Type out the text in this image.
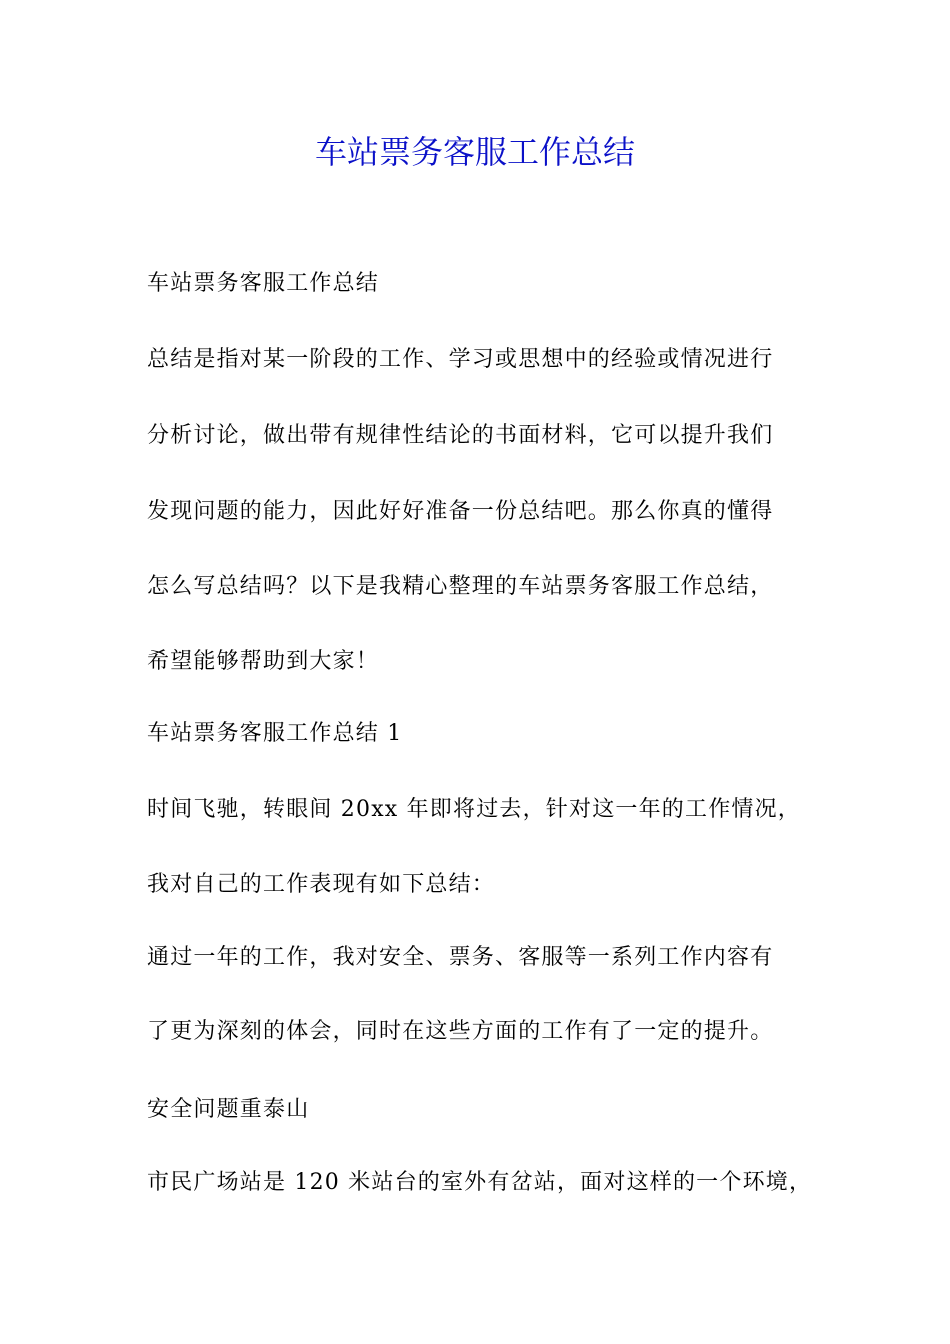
车站票务客服工作总结
车站票务客服工作总结
总结是指对某一阶段的工作、学习或思想中的经验或情况进行
分析讨论，做出带有规律性结论的书面材料，它可以提升我们
发现问题的能力，因此好好准备一份总结吧。那么你真的懂得
怎么写总结吗？以下是我精心整理的车站票务客服工作总结，
希望能够帮助到大家！
车站票务客服工作总结 1
时间飞驰，转眼间 20xx 年即将过去，针对这一年的工作情况，
我对自己的工作表现有如下总结：
通过一年的工作，我对安全、票务、客服等一系列工作内容有
了更为深刻的体会，同时在这些方面的工作有了一定的提升。
安全问题重泰山
市民广场站是 120 米站台的室外有岔站，面对这样的一个环境，
